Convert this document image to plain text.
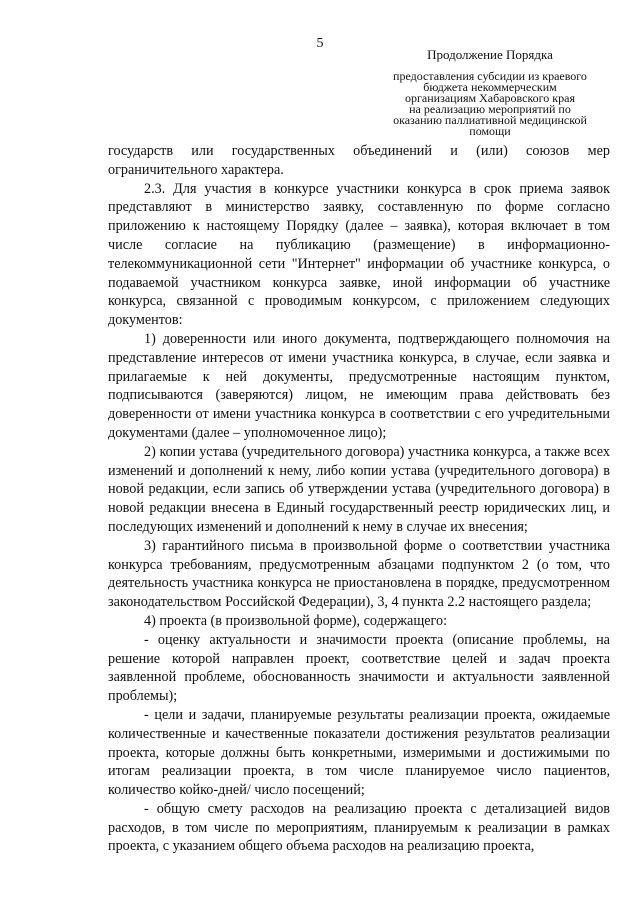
5
Продолжение Порядка
предоставления субсидии из краевого
бюджета некоммерческим
организациям Хабаровского края
на реализацию мероприятий по
оказанию паллиативной медицинской
помощи

государств или государственных объединений и (или) союзов мер ограничительного характера.

2.3. Для участия в конкурсе участники конкурса в срок приема заявок представляют в министерство заявку, составленную по форме согласно приложению к настоящему Порядку (далее – заявка), которая включает в том числе согласие на публикацию (размещение) в информационно-телекоммуникационной сети "Интернет" информации об участнике конкурса, о подаваемой участником конкурса заявке, иной информации об участнике конкурса, связанной с проводимым конкурсом, с приложением следующих документов:

1) доверенности или иного документа, подтверждающего полномочия на представление интересов от имени участника конкурса, в случае, если заявка и прилагаемые к ней документы, предусмотренные настоящим пунктом, подписываются (заверяются) лицом, не имеющим права действовать без доверенности от имени участника конкурса в соответствии с его учредительными документами (далее – уполномоченное лицо);

2) копии устава (учредительного договора) участника конкурса, а также всех изменений и дополнений к нему, либо копии устава (учредительного договора) в новой редакции, если запись об утверждении устава (учредительного договора) в новой редакции внесена в Единый государственный реестр юридических лиц, и последующих изменений и дополнений к нему в случае их внесения;

3) гарантийного письма в произвольной форме о соответствии участника конкурса требованиям, предусмотренным абзацами подпунктом 2 (о том, что деятельность участника конкурса не приостановлена в порядке, предусмотренном законодательством Российской Федерации), 3, 4 пункта 2.2 настоящего раздела;

4) проекта (в произвольной форме), содержащего:

- оценку актуальности и значимости проекта (описание проблемы, на решение которой направлен проект, соответствие целей и задач проекта заявленной проблеме, обоснованность значимости и актуальности заявленной проблемы);

- цели и задачи, планируемые результаты реализации проекта, ожидаемые количественные и качественные показатели достижения результатов реализации проекта, которые должны быть конкретными, измеримыми и достижимыми по итогам реализации проекта, в том числе планируемое число пациентов, количество койко-дней/ число посещений;

- общую смету расходов на реализацию проекта с детализацией видов расходов, в том числе по мероприятиям, планируемым к реализации в рамках проекта, с указанием общего объема расходов на реализацию проекта,
